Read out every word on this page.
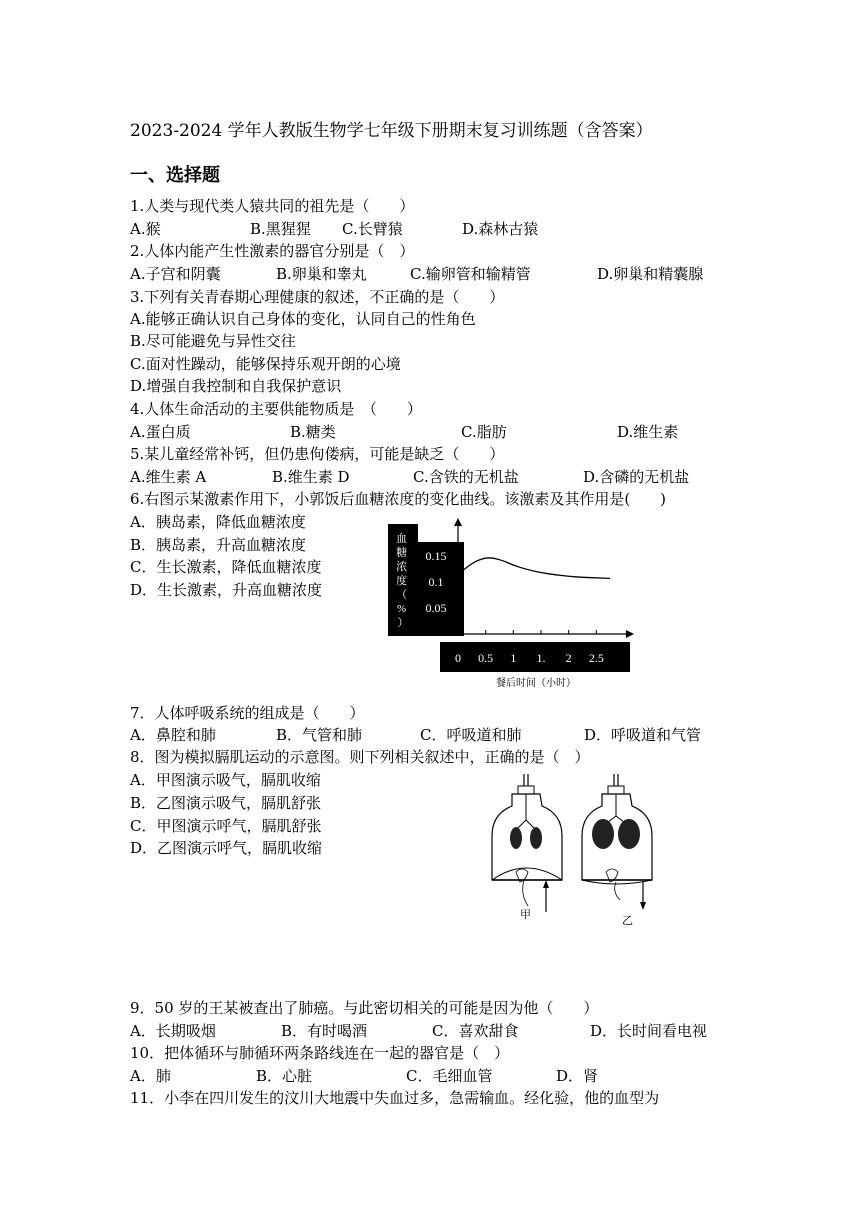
2023-2024 学年人教版生物学七年级下册期末复习训练题（含答案）
一、选择题
1.人类与现代类人猿共同的祖先是（　　）
A.猴	B.黑猩猩 C.长臂猿	D.森林古猿
2.人体内能产生性激素的器官分别是（　）
A.子宫和阴囊	B.卵巢和睾丸	C.输卵管和输精管	D.卵巢和精囊腺
3.下列有关青春期心理健康的叙述，不正确的是（　　）
A.能够正确认识自己身体的变化，认同自己的性角色
B.尽可能避免与异性交往
C.面对性躁动，能够保持乐观开朗的心境
D.增强自我控制和自我保护意识
4.人体生命活动的主要供能物质是　（　　）
A.蛋白质	B.糖类	C.脂肪	D.维生素
5.某儿童经常补钙，但仍患佝偻病，可能是缺乏（　　）
A.维生素 A	B.维生素 D	C.含铁的无机盐	D.含磷的无机盐
6.右图示某激素作用下，小郭饭后血糖浓度的变化曲线。该激素及其作用是(　　)
A．胰岛素，降低血糖浓度
B．胰岛素，升高血糖浓度
C．生长激素，降低血糖浓度
D．生长激素，升高血糖浓度
血 糖 浓 度 （ % ）
0.15
0.1
0.05
0 0.5 1 1. 2 2.5
餐后时间（小时）
7．人体呼吸系统的组成是（　　）
A．鼻腔和肺	B．气管和肺	C．呼吸道和肺	D．呼吸道和气管
8．图为模拟膈肌运动的示意图。则下列相关叙述中，正确的是（　）
A．甲图演示吸气，膈肌收缩
B．乙图演示吸气，膈肌舒张
C．甲图演示呼气，膈肌舒张
D．乙图演示呼气，膈肌收缩
甲	乙
9．50 岁的王某被查出了肺癌。与此密切相关的可能是因为他（　　）
A．长期吸烟	B．有时喝酒	C．喜欢甜食	D．长时间看电视
10．把体循环与肺循环两条路线连在一起的器官是（　）
A．肺	B．心脏	C．毛细血管	D．肾
11．小李在四川发生的汶川大地震中失血过多，急需输血。经化验，他的血型为
